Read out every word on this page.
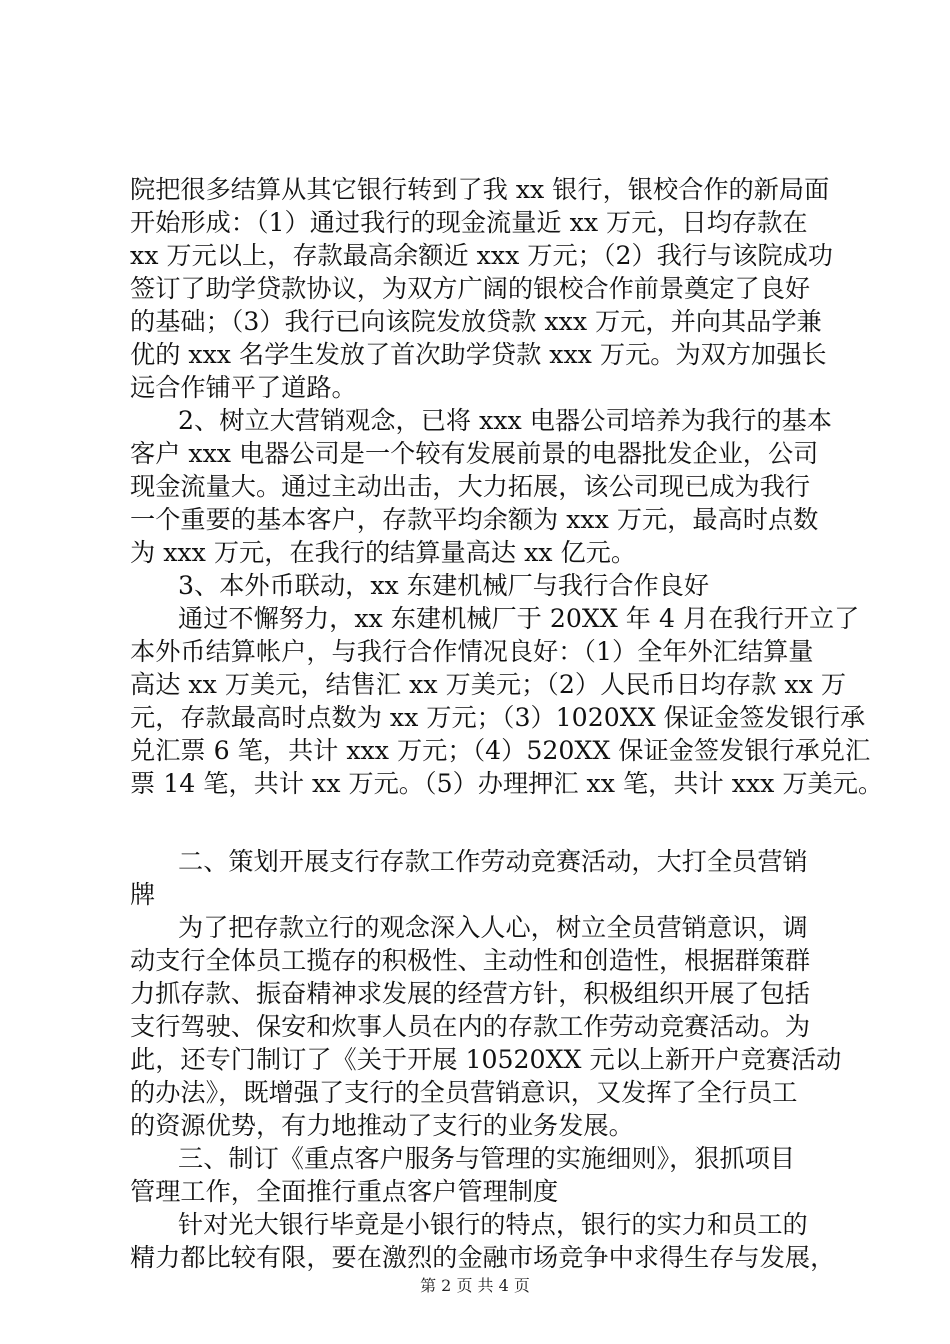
院把很多结算从其它银行转到了我 xx 银行，银校合作的新局面
开始形成：（1）通过我行的现金流量近 xx 万元，日均存款在
xx 万元以上，存款最高余额近 xxx 万元；（2）我行与该院成功
签订了助学贷款协议，为双方广阔的银校合作前景奠定了良好
的基础；（3）我行已向该院发放贷款 xxx 万元，并向其品学兼
优的 xxx 名学生发放了首次助学贷款 xxx 万元。为双方加强长
远合作铺平了道路。
2、树立大营销观念，已将 xxx 电器公司培养为我行的基本
客户 xxx 电器公司是一个较有发展前景的电器批发企业，公司
现金流量大。通过主动出击，大力拓展，该公司现已成为我行
一个重要的基本客户，存款平均余额为 xxx 万元，最高时点数
为 xxx 万元，在我行的结算量高达 xx 亿元。
3、本外币联动，xx 东建机械厂与我行合作良好
通过不懈努力，xx 东建机械厂于 20XX 年 4 月在我行开立了
本外币结算帐户，与我行合作情况良好：（1）全年外汇结算量
高达 xx 万美元，结售汇 xx 万美元；（2）人民币日均存款 xx 万
元，存款最高时点数为 xx 万元；（3）1020XX 保证金签发银行承
兑汇票 6 笔，共计 xxx 万元；（4）520XX 保证金签发银行承兑汇
票 14 笔，共计 xx 万元。（5）办理押汇 xx 笔，共计 xxx 万美元。
二、策划开展支行存款工作劳动竞赛活动，大打全员营销
牌
为了把存款立行的观念深入人心，树立全员营销意识，调
动支行全体员工揽存的积极性、主动性和创造性，根据群策群
力抓存款、振奋精神求发展的经营方针，积极组织开展了包括
支行驾驶、保安和炊事人员在内的存款工作劳动竞赛活动。为
此，还专门制订了《关于开展 10520XX 元以上新开户竞赛活动
的办法》，既增强了支行的全员营销意识，又发挥了全行员工
的资源优势，有力地推动了支行的业务发展。
三、制订《重点客户服务与管理的实施细则》，狠抓项目
管理工作，全面推行重点客户管理制度
针对光大银行毕竟是小银行的特点，银行的实力和员工的
精力都比较有限，要在激烈的金融市场竞争中求得生存与发展，
第 2 页 共 4 页
